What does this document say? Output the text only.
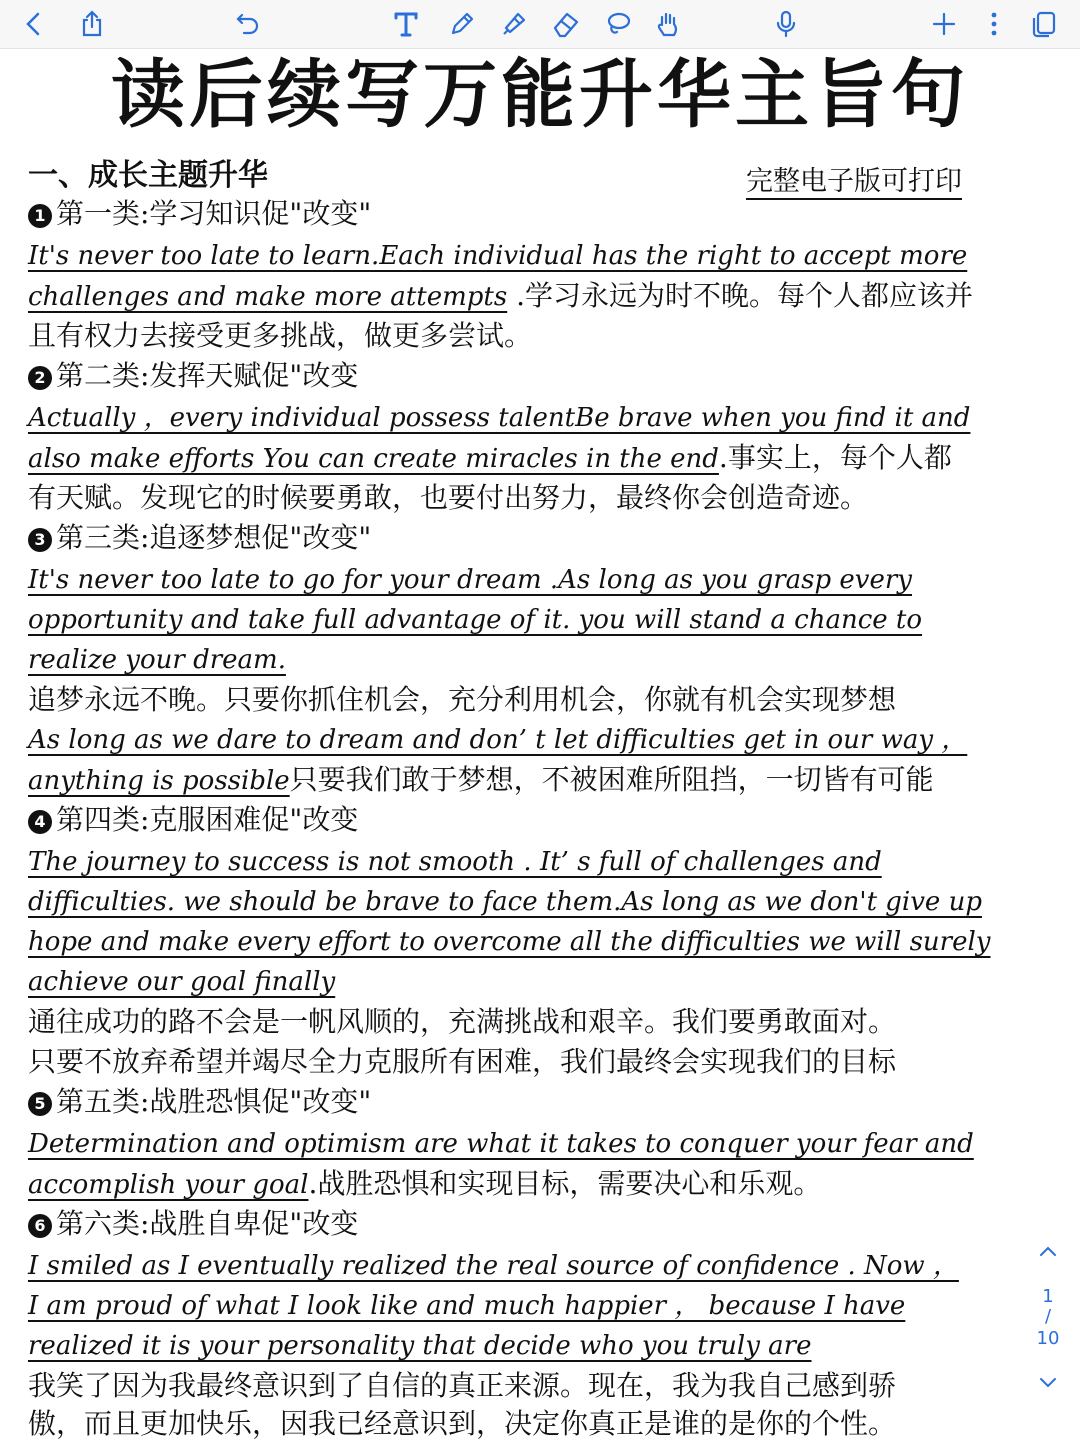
读后续写万能升华主旨句
一、成长主题升华	完整电子版可打印
1 第一类:学习知识促"改变"
It's never too late to learn.Each individual has the right to accept more
challenges and make more attempts .学习永远为时不晚。每个人都应该并
且有权力去接受更多挑战，做更多尝试。
2 第二类:发挥天赋促"改变
Actually ，every individual possess talentBe brave when you find it and
also make efforts You can create miracles in the end.事实上，每个人都
有天赋。发现它的时候要勇敢，也要付出努力，最终你会创造奇迹。
3 第三类:追逐梦想促"改变"
It's never too late to go for your dream .As long as you grasp every
opportunity and take full advantage of it. you will stand a chance to
realize your dream.
追梦永远不晚。只要你抓住机会，充分利用机会，你就有机会实现梦想
As long as we dare to dream and don’ t let difficulties get in our way ，
anything is possible只要我们敢于梦想，不被困难所阻挡，一切皆有可能
4 第四类:克服困难促"改变
The journey to success is not smooth . It’ s full of challenges and
difficulties. we should be brave to face them.As long as we don't give up
hope and make every effort to overcome all the difficulties we will surely
achieve our goal finally
通往成功的路不会是一帆风顺的，充满挑战和艰辛。我们要勇敢面对。
只要不放弃希望并竭尽全力克服所有困难，我们最终会实现我们的目标
5 第五类:战胜恐惧促"改变"
Determination and optimism are what it takes to conquer your fear and
accomplish your goal.战胜恐惧和实现目标，需要决心和乐观。
6 第六类:战胜自卑促"改变
I smiled as I eventually realized the real source of confidence . Now ，
I am proud of what I look like and much happier ， because I have
realized it is your personality that decide who you truly are
我笑了因为我最终意识到了自信的真正来源。现在，我为我自己感到骄
傲，而且更加快乐，因我已经意识到，决定你真正是谁的是你的个性。
1
/
10
